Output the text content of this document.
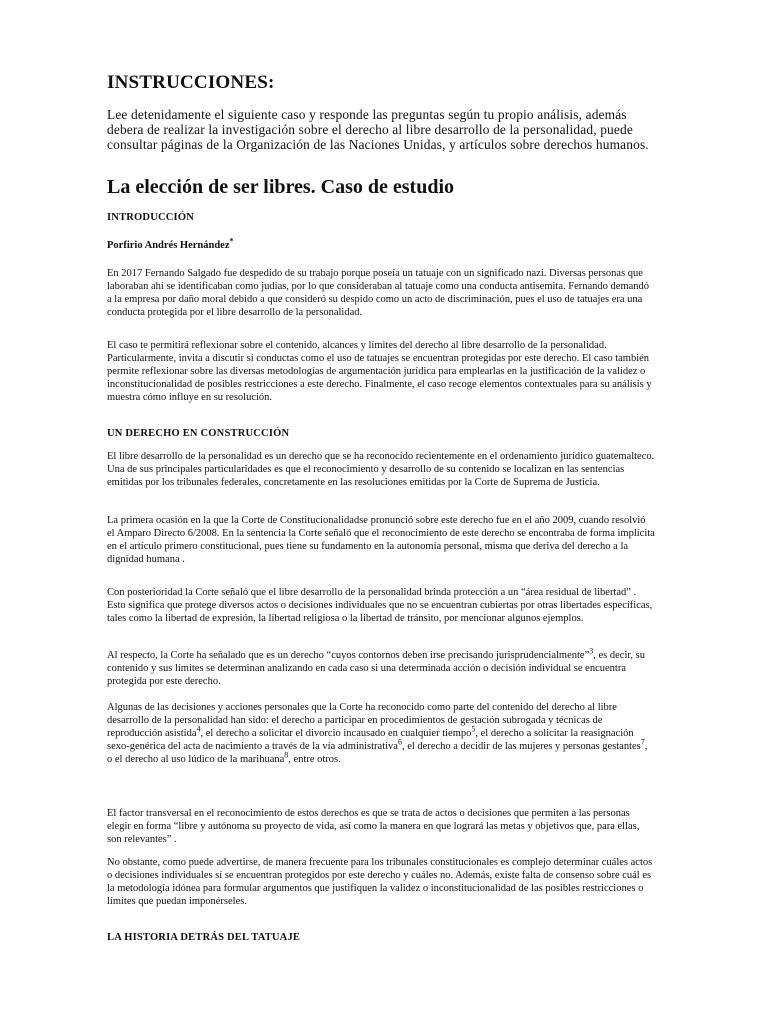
INSTRUCCIONES:

Lee detenidamente el siguiente caso y responde las preguntas según tu propio análisis, además debera de realizar la investigación sobre el derecho al libre desarrollo de la personalidad, puede consultar páginas de la Organización de las Naciones Unidas, y artículos sobre derechos humanos.

La elección de ser libres. Caso de estudio
INTRODUCCIÓN

Porfirio Andrés Hernández*

En 2017 Fernando Salgado fue despedido de su trabajo porque poseía un tatuaje con un significado nazi. Diversas personas que laboraban ahí se identificaban como judías, por lo que consideraban al tatuaje como una conducta antisemita. Fernando demandó a la empresa por daño moral debido a que consideró su despido como un acto de discriminación, pues el uso de tatuajes era una conducta protegida por el libre desarrollo de la personalidad.

El caso te permitirá reflexionar sobre el contenido, alcances y límites del derecho al libre desarrollo de la personalidad. Particularmente, invita a discutir si conductas como el uso de tatuajes se encuentran protegidas por este derecho. El caso también permite reflexionar sobre las diversas metodologías de argumentación jurídica para emplearlas en la justificación de la validez o inconstitucionalidad de posibles restricciones a este derecho. Finalmente, el caso recoge elementos contextuales para su análisis y muestra cómo influye en su resolución.

UN DERECHO EN CONSTRUCCIÓN

El libre desarrollo de la personalidad es un derecho que se ha reconocido recientemente en el ordenamiento jurídico guatemalteco. Una de sus principales particularidades es que el reconocimiento y desarrollo de su contenido se localizan en las sentencias emitidas por los tribunales federales, concretamente en las resoluciones emitidas por la Corte de Suprema de Justicia.

La primera ocasión en la que la Corte de Constitucionalidadse pronunció sobre este derecho fue en el año 2009, cuando resolvió el Amparo Directo 6/2008. En la sentencia la Corte señaló que el reconocimiento de este derecho se encontraba de forma implícita en el artículo primero constitucional, pues tiene su fundamento en la autonomía personal, misma que deriva del derecho a la dignidad humana .

Con posterioridad la Corte señaló que el libre desarrollo de la personalidad brinda protección a un “área residual de libertad” . Esto significa que protege diversos actos o decisiones individuales que no se encuentran cubiertas por otras libertades específicas, tales como la libertad de expresión, la libertad religiosa o la libertad de tránsito, por mencionar algunos ejemplos.

Al respecto, la Corte ha señalado que es un derecho “cuyos contornos deben irse precisando jurisprudencialmente”$^3$, es decir, su contenido y sus límites se determinan analizando en cada caso si una determinada acción o decisión individual se encuentra protegida por este derecho.

Algunas de las decisiones y acciones personales que la Corte ha reconocido como parte del contenido del derecho al libre desarrollo de la personalidad han sido: el derecho a participar en procedimientos de gestación subrogada y técnicas de reproducción asistida$^4$, el derecho a solicitar el divorcio incausado en cualquier tiempo$^5$, el derecho a solicitar la reasignación sexo-genérica del acta de nacimiento a través de la vía administrativa$^6$, el derecho a decidir de las mujeres y personas gestantes$^7$, o el derecho al uso lúdico de la marihuana$^8$, entre otros.

El factor transversal en el reconocimiento de estos derechos es que se trata de actos o decisiones que permiten a las personas elegir en forma “libre y autónoma su proyecto de vida, así como la manera en que logrará las metas y objetivos que, para ellas, son relevantes” .

No obstante, como puede advertirse, de manera frecuente para los tribunales constitucionales es complejo determinar cuáles actos o decisiones individuales sí se encuentran protegidos por este derecho y cuáles no. Además, existe falta de consenso sobre cuál es la metodología idónea para formular argumentos que justifiquen la validez o inconstitucionalidad de las posibles restricciones o límites que puedan imponérseles.

LA HISTORIA DETRÁS DEL TATUAJE
